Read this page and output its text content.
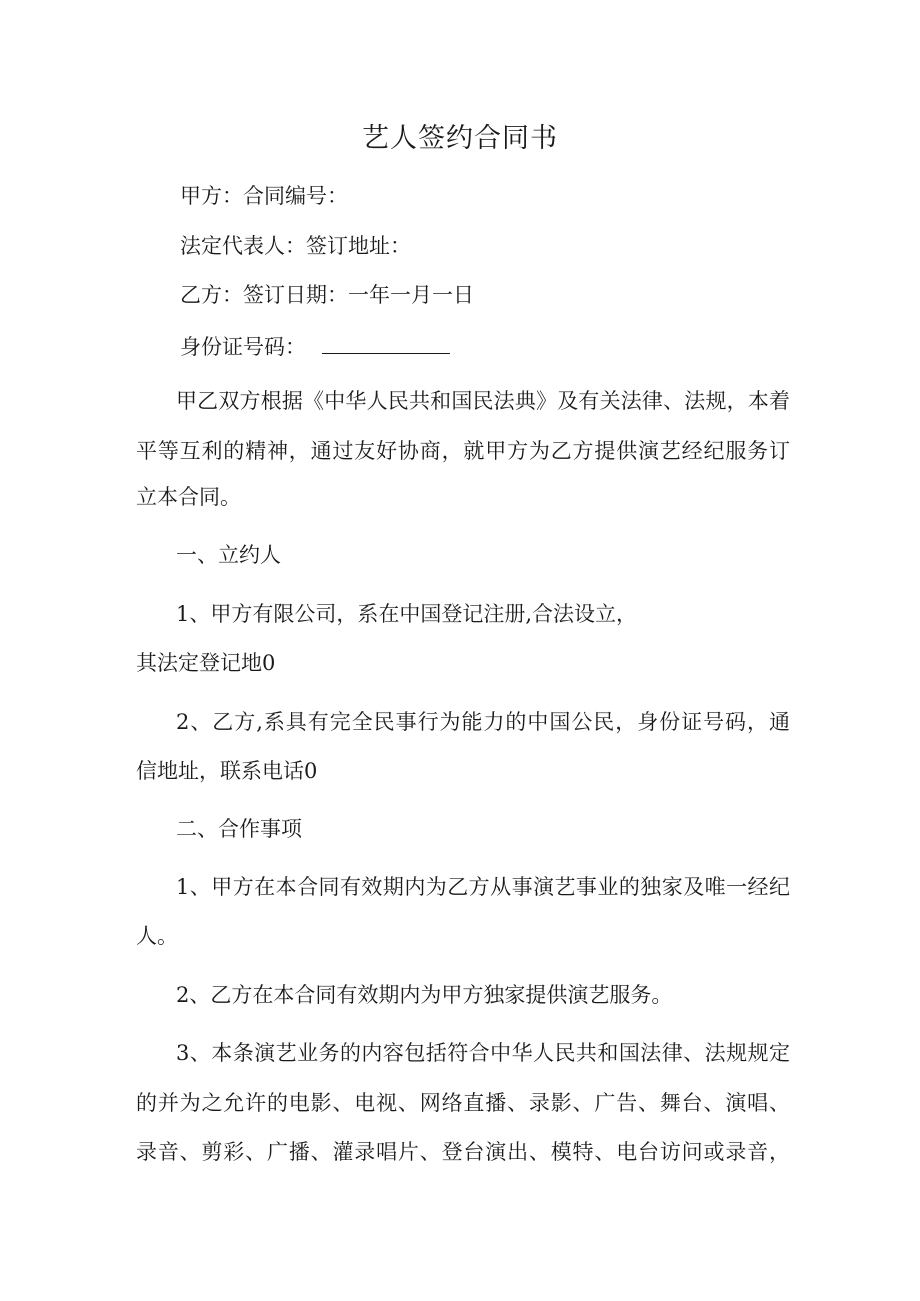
艺人签约合同书
甲方：合同编号：
法定代表人：签订地址：
乙方：签订日期：一年一月一日
身份证号码：
甲乙双方根据《中华人民共和国民法典》及有关法律、法规，本着
平等互利的精神，通过友好协商，就甲方为乙方提供演艺经纪服务订
立本合同。
一、立约人
1、甲方有限公司，系在中国登记注册,合法设立，
其法定登记地0
2、乙方,系具有完全民事行为能力的中国公民，身份证号码，通
信地址，联系电话0
二、合作事项
1、甲方在本合同有效期内为乙方从事演艺事业的独家及唯一经纪
人。
2、乙方在本合同有效期内为甲方独家提供演艺服务。
3、本条演艺业务的内容包括符合中华人民共和国法律、法规规定
的并为之允许的电影、电视、网络直播、录影、广告、舞台、演唱、
录音、剪彩、广播、灌录唱片、登台演出、模特、电台访问或录音，
